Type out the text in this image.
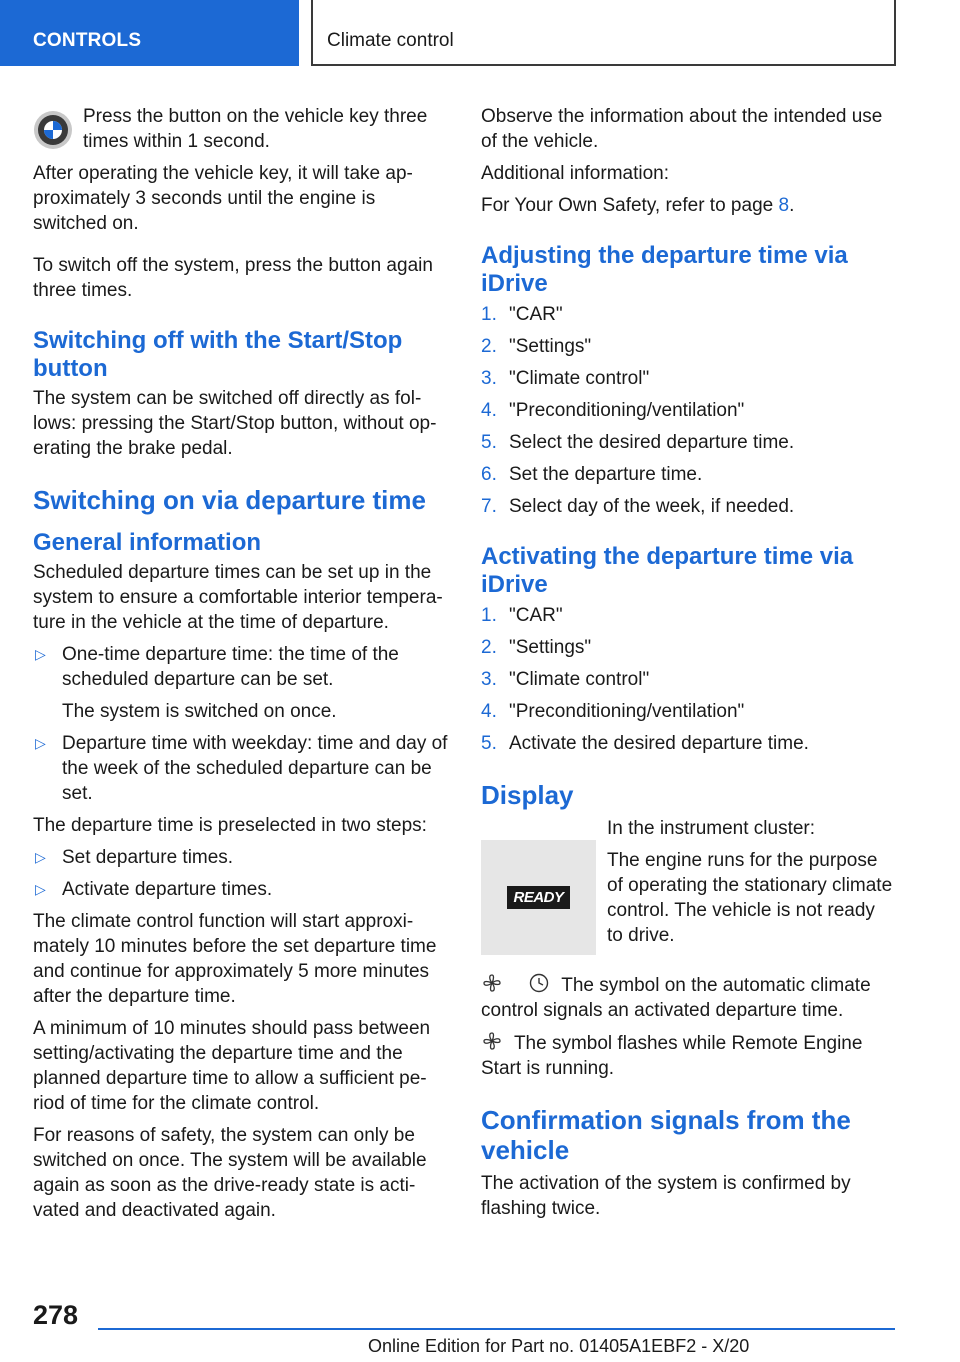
CONTROLS	Climate control

Press the button on the vehicle key three times within 1 second.

After operating the vehicle key, it will take approximately 3 seconds until the engine is switched on.

To switch off the system, press the button again three times.

Switching off with the Start/Stop button

The system can be switched off directly as follows: pressing the Start/Stop button, without operating the brake pedal.

Switching on via departure time
General information

Scheduled departure times can be set up in the system to ensure a comfortable interior temperature in the vehicle at the time of departure.

▷ One-time departure time: the time of the scheduled departure can be set.
The system is switched on once.
▷ Departure time with weekday: time and day of the week of the scheduled departure can be set.

The departure time is preselected in two steps:

▷ Set departure times.
▷ Activate departure times.

The climate control function will start approximately 10 minutes before the set departure time and continue for approximately 5 more minutes after the departure time.

A minimum of 10 minutes should pass between setting/activating the departure time and the planned departure time to allow a sufficient period of time for the climate control.

For reasons of safety, the system can only be switched on once. The system will be available again as soon as the drive-ready state is activated and deactivated again.

Observe the information about the intended use of the vehicle.

Additional information:

For Your Own Safety, refer to page 8.

Adjusting the departure time via iDrive
1. "CAR"
2. "Settings"
3. "Climate control"
4. "Preconditioning/ventilation"
5. Select the desired departure time.
6. Set the departure time.
7. Select day of the week, if needed.
Activating the departure time via iDrive
1. "CAR"
2. "Settings"
3. "Climate control"
4. "Preconditioning/ventilation"
5. Activate the desired departure time.
Display
READY

In the instrument cluster:

The engine runs for the purpose of operating the stationary climate control. The vehicle is not ready to drive.

The symbol on the automatic climate control signals an activated departure time.

The symbol flashes while Remote Engine Start is running.

Confirmation signals from the vehicle

The activation of the system is confirmed by flashing twice.

278
Online Edition for Part no. 01405A1EBF2 - X/20
